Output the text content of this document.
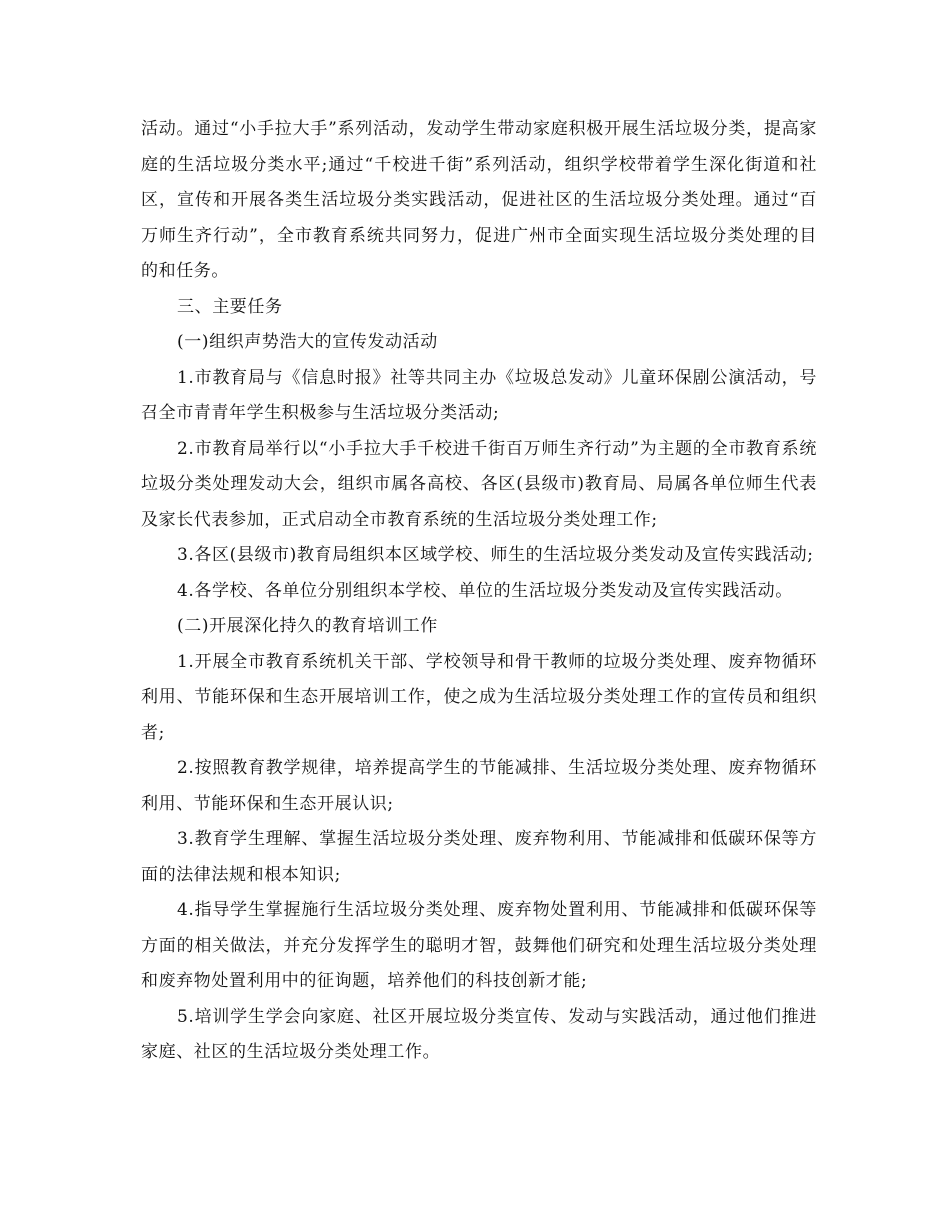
活动。通过“小手拉大手”系列活动，发动学生带动家庭积极开展生活垃圾分类，提高家庭的生活垃圾分类水平;通过“千校进千街”系列活动，组织学校带着学生深化街道和社区，宣传和开展各类生活垃圾分类实践活动，促进社区的生活垃圾分类处理。通过“百万师生齐行动”，全市教育系统共同努力，促进广州市全面实现生活垃圾分类处理的目的和任务。

三、主要任务

(一)组织声势浩大的宣传发动活动

1.市教育局与《信息时报》社等共同主办《垃圾总发动》儿童环保剧公演活动，号召全市青青年学生积极参与生活垃圾分类活动;

2.市教育局举行以“小手拉大手千校进千街百万师生齐行动”为主题的全市教育系统垃圾分类处理发动大会，组织市属各高校、各区(县级市)教育局、局属各单位师生代表及家长代表参加，正式启动全市教育系统的生活垃圾分类处理工作;

3.各区(县级市)教育局组织本区域学校、师生的生活垃圾分类发动及宣传实践活动;

4.各学校、各单位分别组织本学校、单位的生活垃圾分类发动及宣传实践活动。

(二)开展深化持久的教育培训工作

1.开展全市教育系统机关干部、学校领导和骨干教师的垃圾分类处理、废弃物循环利用、节能环保和生态开展培训工作，使之成为生活垃圾分类处理工作的宣传员和组织者;

2.按照教育教学规律，培养提高学生的节能减排、生活垃圾分类处理、废弃物循环利用、节能环保和生态开展认识;

3.教育学生理解、掌握生活垃圾分类处理、废弃物利用、节能减排和低碳环保等方面的法律法规和根本知识;

4.指导学生掌握施行生活垃圾分类处理、废弃物处置利用、节能减排和低碳环保等方面的相关做法，并充分发挥学生的聪明才智，鼓舞他们研究和处理生活垃圾分类处理和废弃物处置利用中的征询题，培养他们的科技创新才能;

5.培训学生学会向家庭、社区开展垃圾分类宣传、发动与实践活动，通过他们推进家庭、社区的生活垃圾分类处理工作。
